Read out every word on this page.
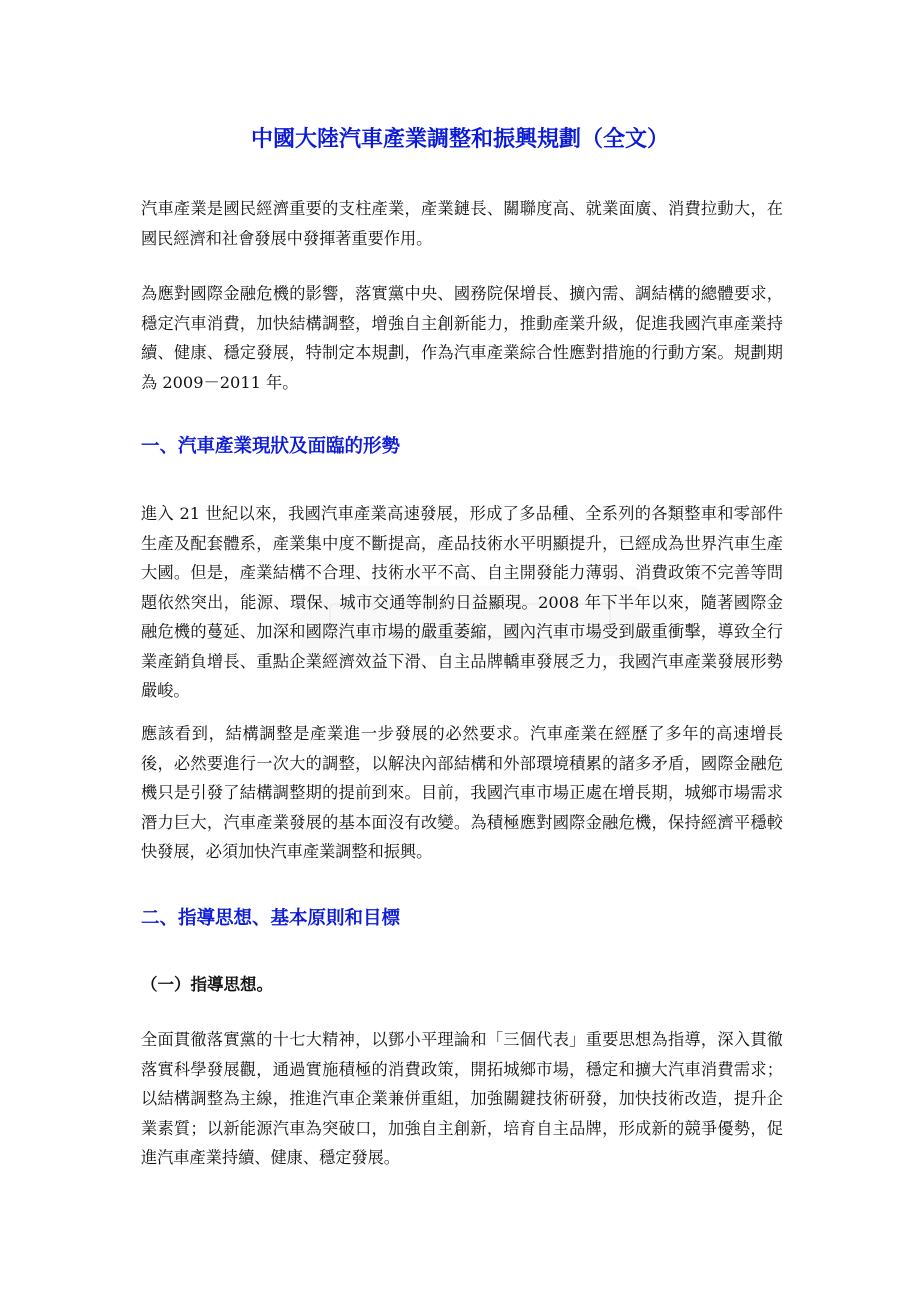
中國大陸汽車產業調整和振興規劃（全文）

汽車產業是國民經濟重要的支柱產業，產業鏈長、關聯度高、就業面廣、消費拉動大，在國民經濟和社會發展中發揮著重要作用。

為應對國際金融危機的影響，落實黨中央、國務院保增長、擴內需、調結構的總體要求，穩定汽車消費，加快結構調整，增強自主創新能力，推動產業升級，促進我國汽車產業持續、健康、穩定發展，特制定本規劃，作為汽車產業綜合性應對措施的行動方案。規劃期為 2009－2011 年。

一、汽車產業現狀及面臨的形勢

進入 21 世紀以來，我國汽車產業高速發展，形成了多品種、全系列的各類整車和零部件生產及配套體系，產業集中度不斷提高，產品技術水平明顯提升，已經成為世界汽車生產大國。但是，產業結構不合理、技術水平不高、自主開發能力薄弱、消費政策不完善等問題依然突出，能源、環保、城市交通等制約日益顯現。2008 年下半年以來，隨著國際金融危機的蔓延、加深和國際汽車市場的嚴重萎縮，國內汽車市場受到嚴重衝擊，導致全行業產銷負增長、重點企業經濟效益下滑、自主品牌轎車發展乏力，我國汽車產業發展形勢嚴峻。

應該看到，結構調整是產業進一步發展的必然要求。汽車產業在經歷了多年的高速增長後，必然要進行一次大的調整，以解決內部結構和外部環境積累的諸多矛盾，國際金融危機只是引發了結構調整期的提前到來。目前，我國汽車市場正處在增長期，城鄉市場需求潛力巨大，汽車產業發展的基本面沒有改變。為積極應對國際金融危機，保持經濟平穩較快發展，必須加快汽車產業調整和振興。

二、指導思想、基本原則和目標
（一）指導思想。

全面貫徹落實黨的十七大精神，以鄧小平理論和「三個代表」重要思想為指導，深入貫徹落實科學發展觀，通過實施積極的消費政策，開拓城鄉市場，穩定和擴大汽車消費需求；以結構調整為主線，推進汽車企業兼併重組，加強關鍵技術研發，加快技術改造，提升企業素質；以新能源汽車為突破口，加強自主創新，培育自主品牌，形成新的競爭優勢，促進汽車產業持續、健康、穩定發展。
